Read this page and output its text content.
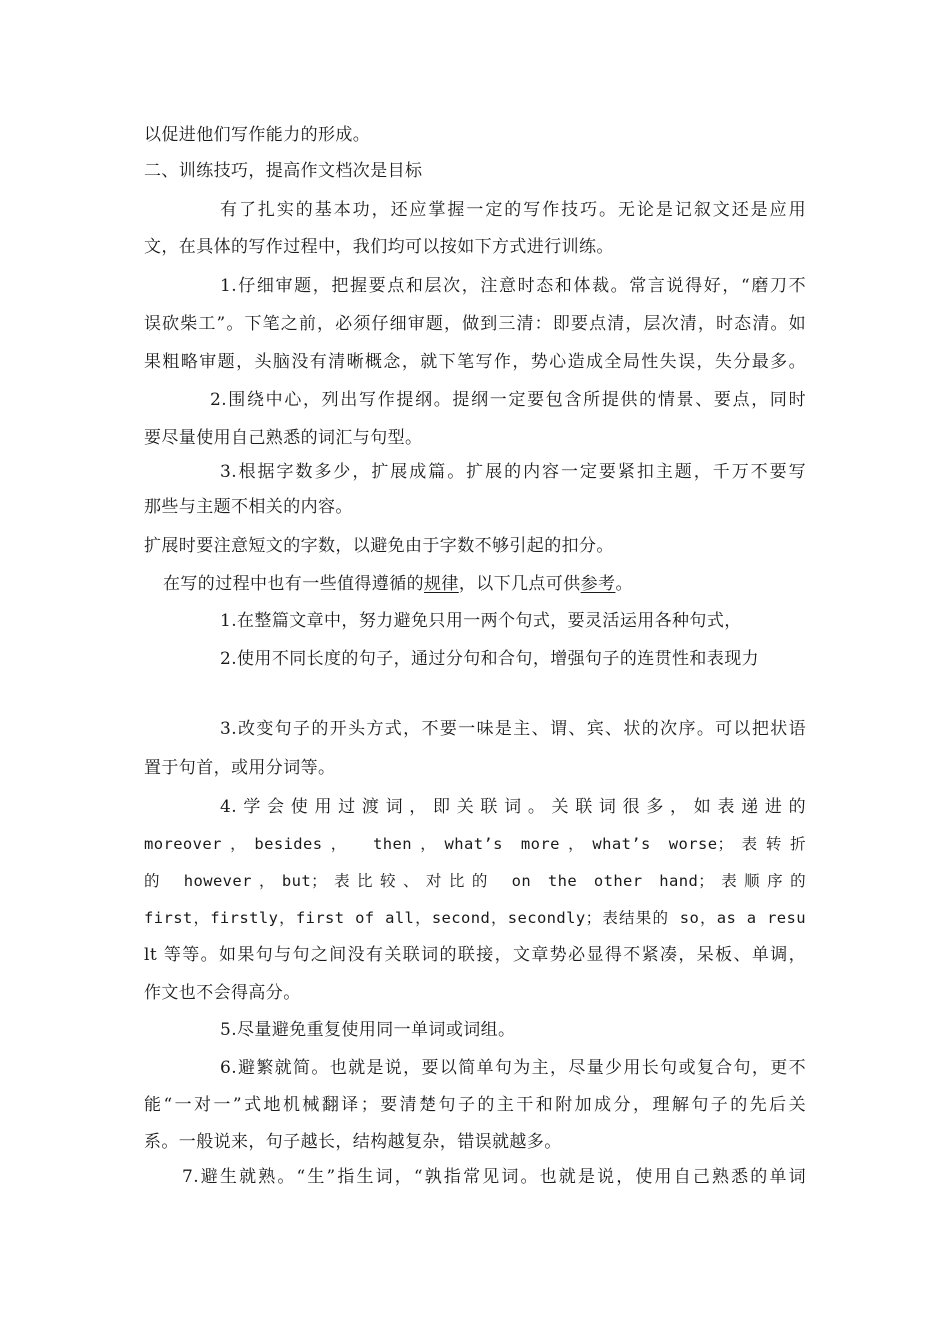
以促进他们写作能力的形成。
二、训练技巧，提高作文档次是目标
有了扎实的基本功，还应掌握一定的写作技巧。无论是记叙文还是应用
文，在具体的写作过程中，我们均可以按如下方式进行训练。
1.仔细审题，把握要点和层次，注意时态和体裁。常言说得好，“磨刀不
误砍柴工”。下笔之前，必须仔细审题，做到三清：即要点清，层次清，时态清。如
果粗略审题，头脑没有清晰概念，就下笔写作，势心造成全局性失误，失分最多。
2.围绕中心，列出写作提纲。提纲一定要包含所提供的情景、要点，同时
要尽量使用自己熟悉的词汇与句型。
3.根据字数多少，扩展成篇。扩展的内容一定要紧扣主题，千万不要写
那些与主题不相关的内容。
扩展时要注意短文的字数，以避免由于字数不够引起的扣分。
在写的过程中也有一些值得遵循的规律，以下几点可供参考。
1.在整篇文章中，努力避免只用一两个句式，要灵活运用各种句式，
2.使用不同长度的句子，通过分句和合句，增强句子的连贯性和表现力
3.改变句子的开头方式，不要一味是主、谓、宾、状的次序。可以把状语
置于句首，或用分词等。
4.学会使用过渡词，即关联词。关联词很多，如表递进的
moreover，besides， then，what’s more，what’s worse；表转折
的 however，but；表比较、对比的 on the other hand；表顺序的
first，firstly，first of all，second，secondly；表结果的 so，as a resu
lt 等等。如果句与句之间没有关联词的联接，文章势必显得不紧凑，呆板、单调，
作文也不会得高分。
5.尽量避免重复使用同一单词或词组。
6.避繁就简。也就是说，要以简单句为主，尽量少用长句或复合句，更不
能“一对一”式地机械翻译；要清楚句子的主干和附加成分，理解句子的先后关
系。一般说来，句子越长，结构越复杂，错误就越多。
7.避生就熟。“生”指生词，“孰指常见词。也就是说，使用自己熟悉的单词
